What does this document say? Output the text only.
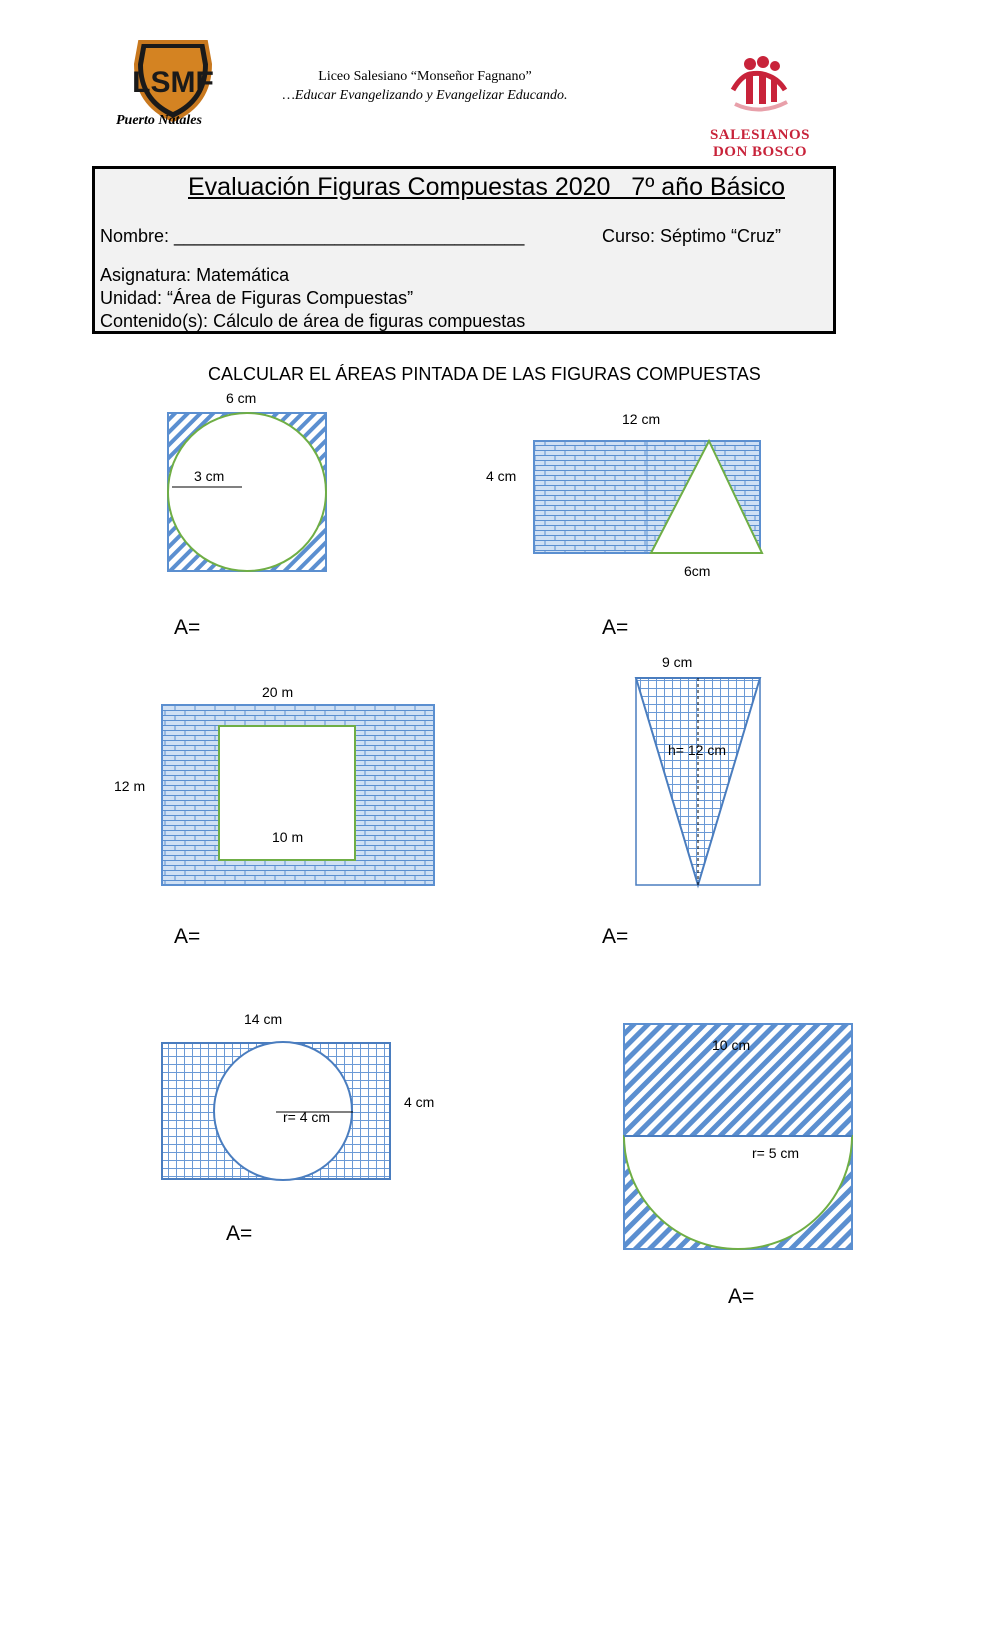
LSMF
Puerto Natales
Liceo Salesiano “Monseñor Fagnano”
…Educar Evangelizando y Evangelizar Educando.
SALESIANOS
DON BOSCO
Evaluación Figuras Compuestas 2020   7º año Básico
Nombre: ___________________________________	Curso: Séptimo “Cruz”
Asignatura: Matemática
Unidad: “Área de Figuras Compuestas”
Contenido(s): Cálculo de área de figuras compuestas
CALCULAR EL ÁREAS PINTADA DE LAS FIGURAS COMPUESTAS
6 cm
3 cm
A=
12 cm
4 cm
6cm
A=
20 m
12 m
10 m
A=
9 cm
h= 12 cm
A=
14 cm
r= 4 cm
4 cm
A=
10 cm
r= 5 cm
A=
